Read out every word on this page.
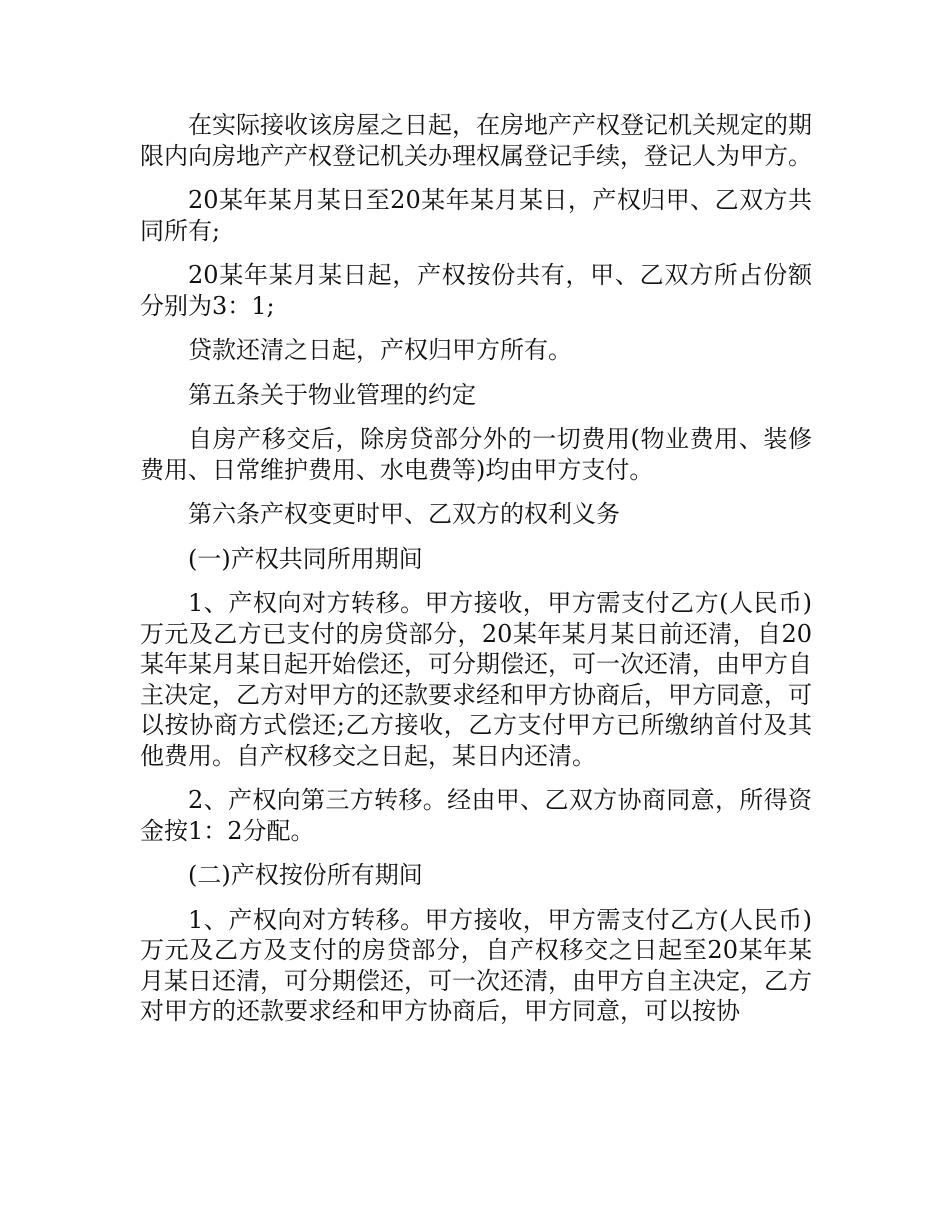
在实际接收该房屋之日起，在房地产产权登记机关规定的期限内向房地产产权登记机关办理权属登记手续，登记人为甲方。

20某年某月某日至20某年某月某日，产权归甲、乙双方共同所有;

20某年某月某日起，产权按份共有，甲、乙双方所占份额分别为3：1;

贷款还清之日起，产权归甲方所有。

第五条关于物业管理的约定

自房产移交后，除房贷部分外的一切费用(物业费用、装修费用、日常维护费用、水电费等)均由甲方支付。

第六条产权变更时甲、乙双方的权利义务

(一)产权共同所用期间

1、产权向对方转移。甲方接收，甲方需支付乙方(人民币)万元及乙方已支付的房贷部分，20某年某月某日前还清，自20某年某月某日起开始偿还，可分期偿还，可一次还清，由甲方自主决定，乙方对甲方的还款要求经和甲方协商后，甲方同意，可以按协商方式偿还;乙方接收，乙方支付甲方已所缴纳首付及其他费用。自产权移交之日起，某日内还清。

2、产权向第三方转移。经由甲、乙双方协商同意，所得资金按1：2分配。

(二)产权按份所有期间

1、产权向对方转移。甲方接收，甲方需支付乙方(人民币)万元及乙方及支付的房贷部分，自产权移交之日起至20某年某月某日还清，可分期偿还，可一次还清，由甲方自主决定，乙方对甲方的还款要求经和甲方协商后，甲方同意，可以按协
